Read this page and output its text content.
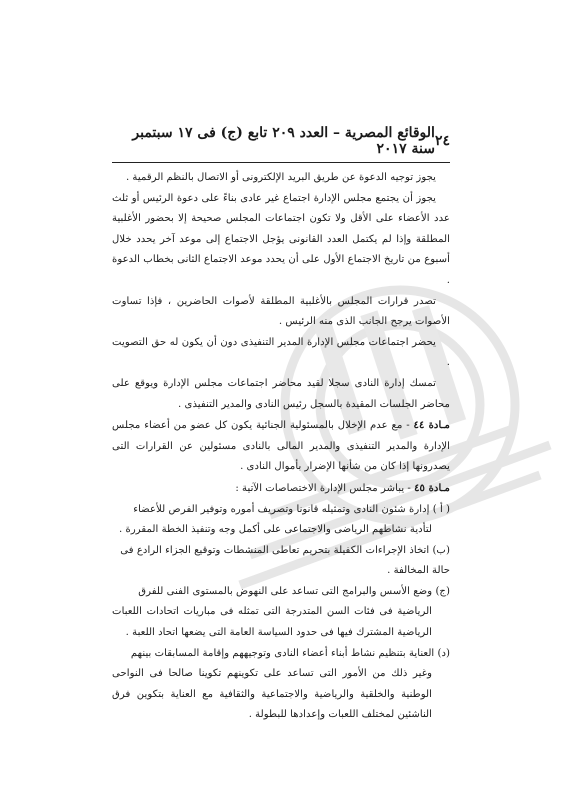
٢٤
الوقائع المصرية – العدد ٢٠٩ تابع (ج) فى ١٧ سبتمبر سنة ٢٠١٧

يجوز توجيه الدعوة عن طريق البريد الإلكترونى أو الاتصال بالنظم الرقمية .

يجوز أن يجتمع مجلس الإدارة اجتماع غير عادى بناءً على دعوة الرئيس أو ثلث عدد الأعضاء على الأقل ولا تكون اجتماعات المجلس صحيحة إلا بحضور الأغلبية المطلقة وإذا لم يكتمل العدد القانونى يؤجل الاجتماع إلى موعد آخر يحدد خلال أسبوع من تاريخ الاجتماع الأول على أن يحدد موعد الاجتماع الثانى بخطاب الدعوة .

تصدر قرارات المجلس بالأغلبية المطلقة لأصوات الحاضرين ، فإذا تساوت الأصوات يرجح الجانب الذى منه الرئيس .

يحضر اجتماعات مجلس الإدارة المدير التنفيذى دون أن يكون له حق التصويت .

تمسك إدارة النادى سجلا لقيد محاضر اجتماعات مجلس الإدارة ويوقع على محاضر الجلسات المقيدة بالسجل رئيس النادى والمدير التنفيذى .

مـادة ٤٤ - مع عدم الإخلال بالمسئولية الجنائية يكون كل عضو من أعضاء مجلس الإدارة والمدير التنفيذى والمدير المالى بالنادى مسئولين عن القرارات التى يصدرونها إذا كان من شأنها الإضرار بأموال النادى .

مـادة ٤٥ - يباشر مجلس الإدارة الاختصاصات الآتية :

( أ ) إدارة شئون النادى وتمثيله قانونا وتصريف أموره وتوفير الفرص للأعضاء

لتأدية نشاطهم الرياضى والاجتماعى على أكمل وجه وتنفيذ الخطة المقررة .

(ب) اتخاذ الإجراءات الكفيلة بتحريم تعاطى المنشطات وتوقيع الجزاء الرادع فى

حالة المخالفة .

(ج) وضع الأسس والبرامج التى تساعد على النهوض بالمستوى الفنى للفرق

الرياضية فى فئات السن المتدرجة التى تمثله فى مباريات اتحادات اللعبات الرياضية المشترك فيها فى حدود السياسة العامة التى يضعها اتحاد اللعبة .

(د) العناية بتنظيم نشاط أبناء أعضاء النادى وتوجيههم وإقامة المسابقات بينهم

وغير ذلك من الأمور التى تساعد على تكوينهم تكوينا صالحا فى النواحى الوطنية والخلقية والرياضية والاجتماعية والثقافية مع العناية بتكوين فرق الناشئين لمختلف اللعبات وإعدادها للبطولة .
